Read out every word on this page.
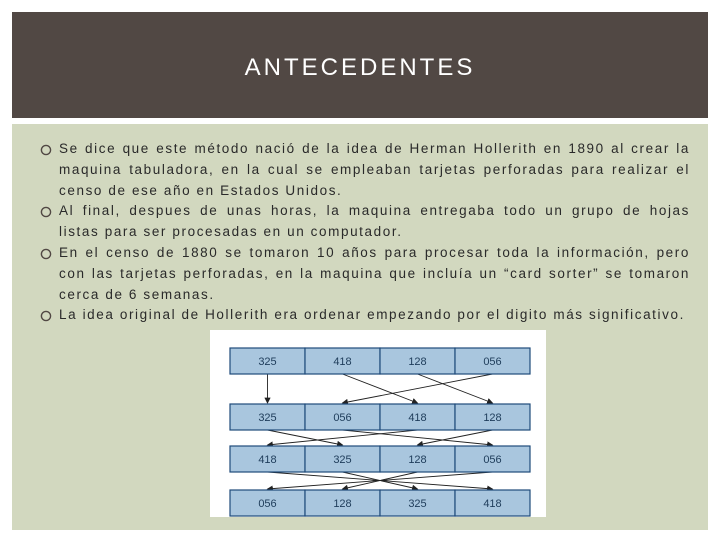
ANTECEDENTES
Se dice que este método nació de la idea de Herman Hollerith en 1890 al crear la maquina tabuladora, en la cual se empleaban tarjetas perforadas para realizar el censo de ese año en Estados Unidos.
Al final, despues de unas horas, la maquina entregaba todo un grupo de hojas listas para ser procesadas en un computador.
En el censo de 1880 se tomaron 10 años para procesar toda la información, pero con las tarjetas perforadas, en la maquina que incluía un “card sorter” se tomaron cerca de 6 semanas.
La idea original de Hollerith era ordenar empezando por el digito más significativo.
325	418	128	056
325	056	418	128
418	325	128	056
056	128	325	418
